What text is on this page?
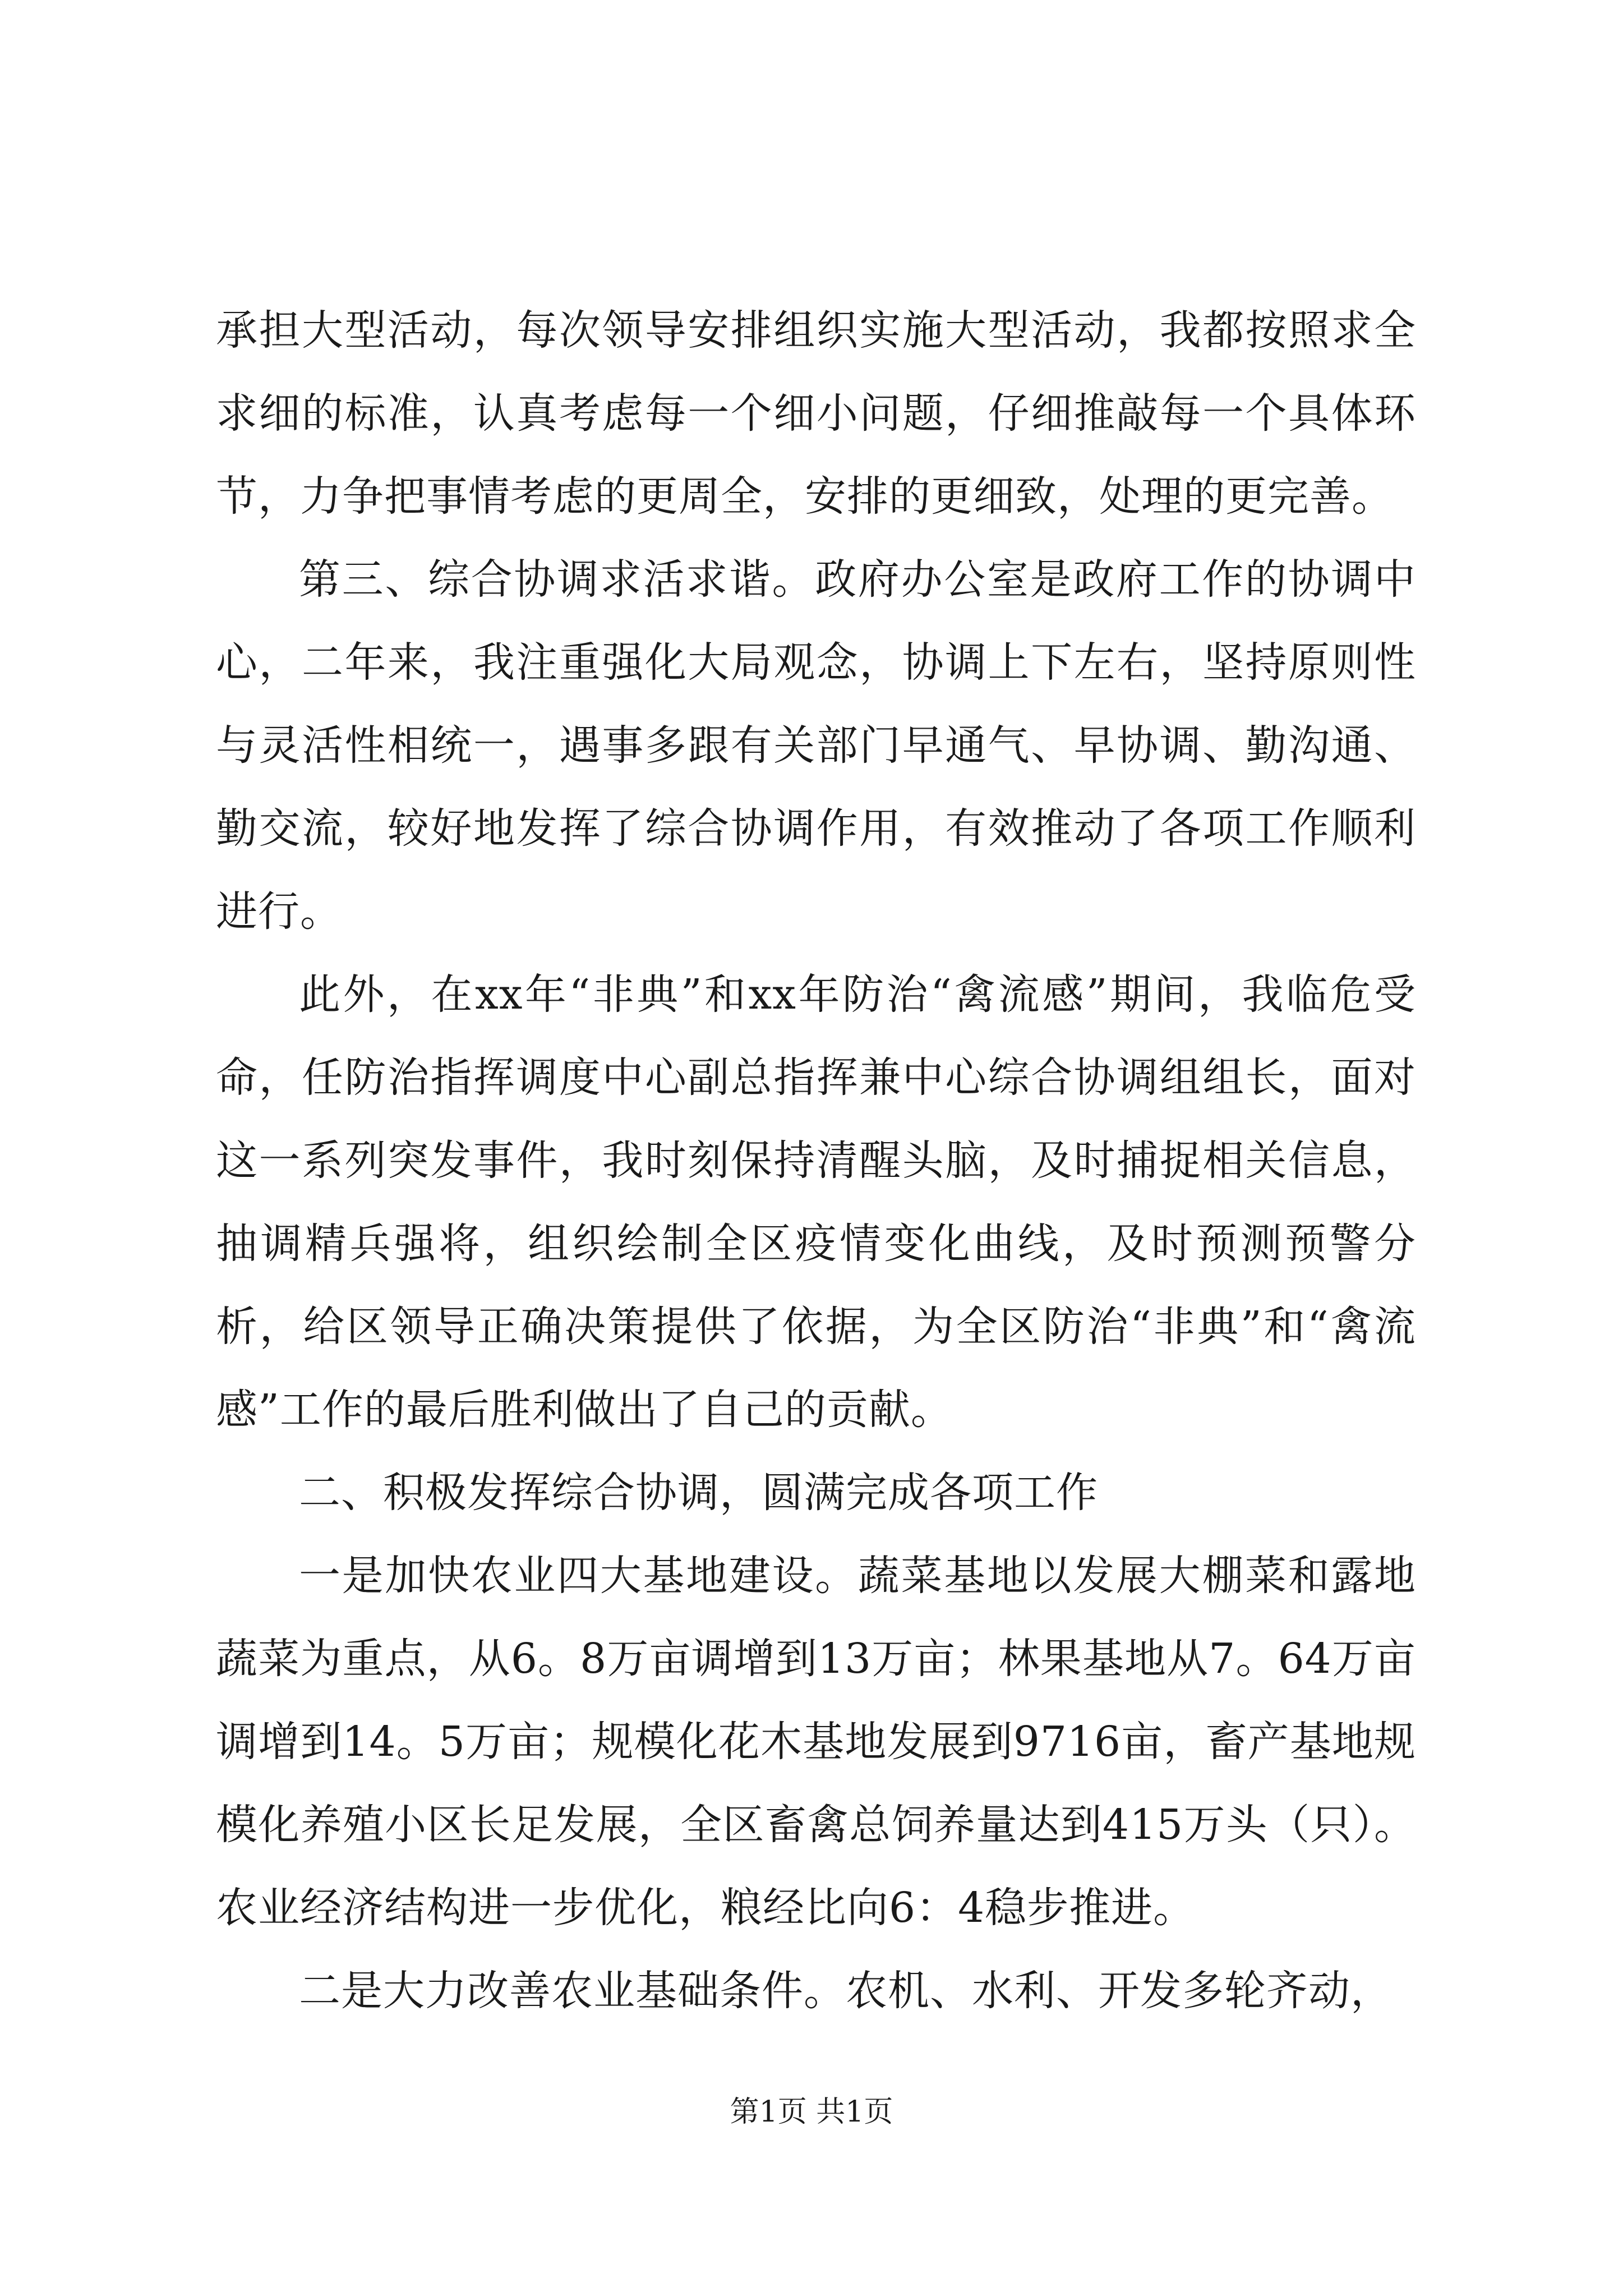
承担大型活动，每次领导安排组织实施大型活动，我都按照求全求细的标准，认真考虑每一个细小问题，仔细推敲每一个具体环节，力争把事情考虑的更周全，安排的更细致，处理的更完善。

第三、综合协调求活求谐。政府办公室是政府工作的协调中心，二年来，我注重强化大局观念，协调上下左右，坚持原则性与灵活性相统一，遇事多跟有关部门早通气、早协调、勤沟通、勤交流，较好地发挥了综合协调作用，有效推动了各项工作顺利进行。

此外，在xx年“非典”和xx年防治“禽流感”期间，我临危受命，任防治指挥调度中心副总指挥兼中心综合协调组组长，面对这一系列突发事件，我时刻保持清醒头脑，及时捕捉相关信息，抽调精兵强将，组织绘制全区疫情变化曲线，及时预测预警分析，给区领导正确决策提供了依据，为全区防治“非典”和“禽流感”工作的最后胜利做出了自己的贡献。

二、积极发挥综合协调，圆满完成各项工作

一是加快农业四大基地建设。蔬菜基地以发展大棚菜和露地蔬菜为重点，从6。8万亩调增到13万亩；林果基地从7。64万亩调增到14。5万亩；规模化花木基地发展到9716亩，畜产基地规模化养殖小区长足发展，全区畜禽总饲养量达到415万头（只）。农业经济结构进一步优化，粮经比向6：4稳步推进。

二是大力改善农业基础条件。农机、水利、开发多轮齐动，

第1页 共1页
